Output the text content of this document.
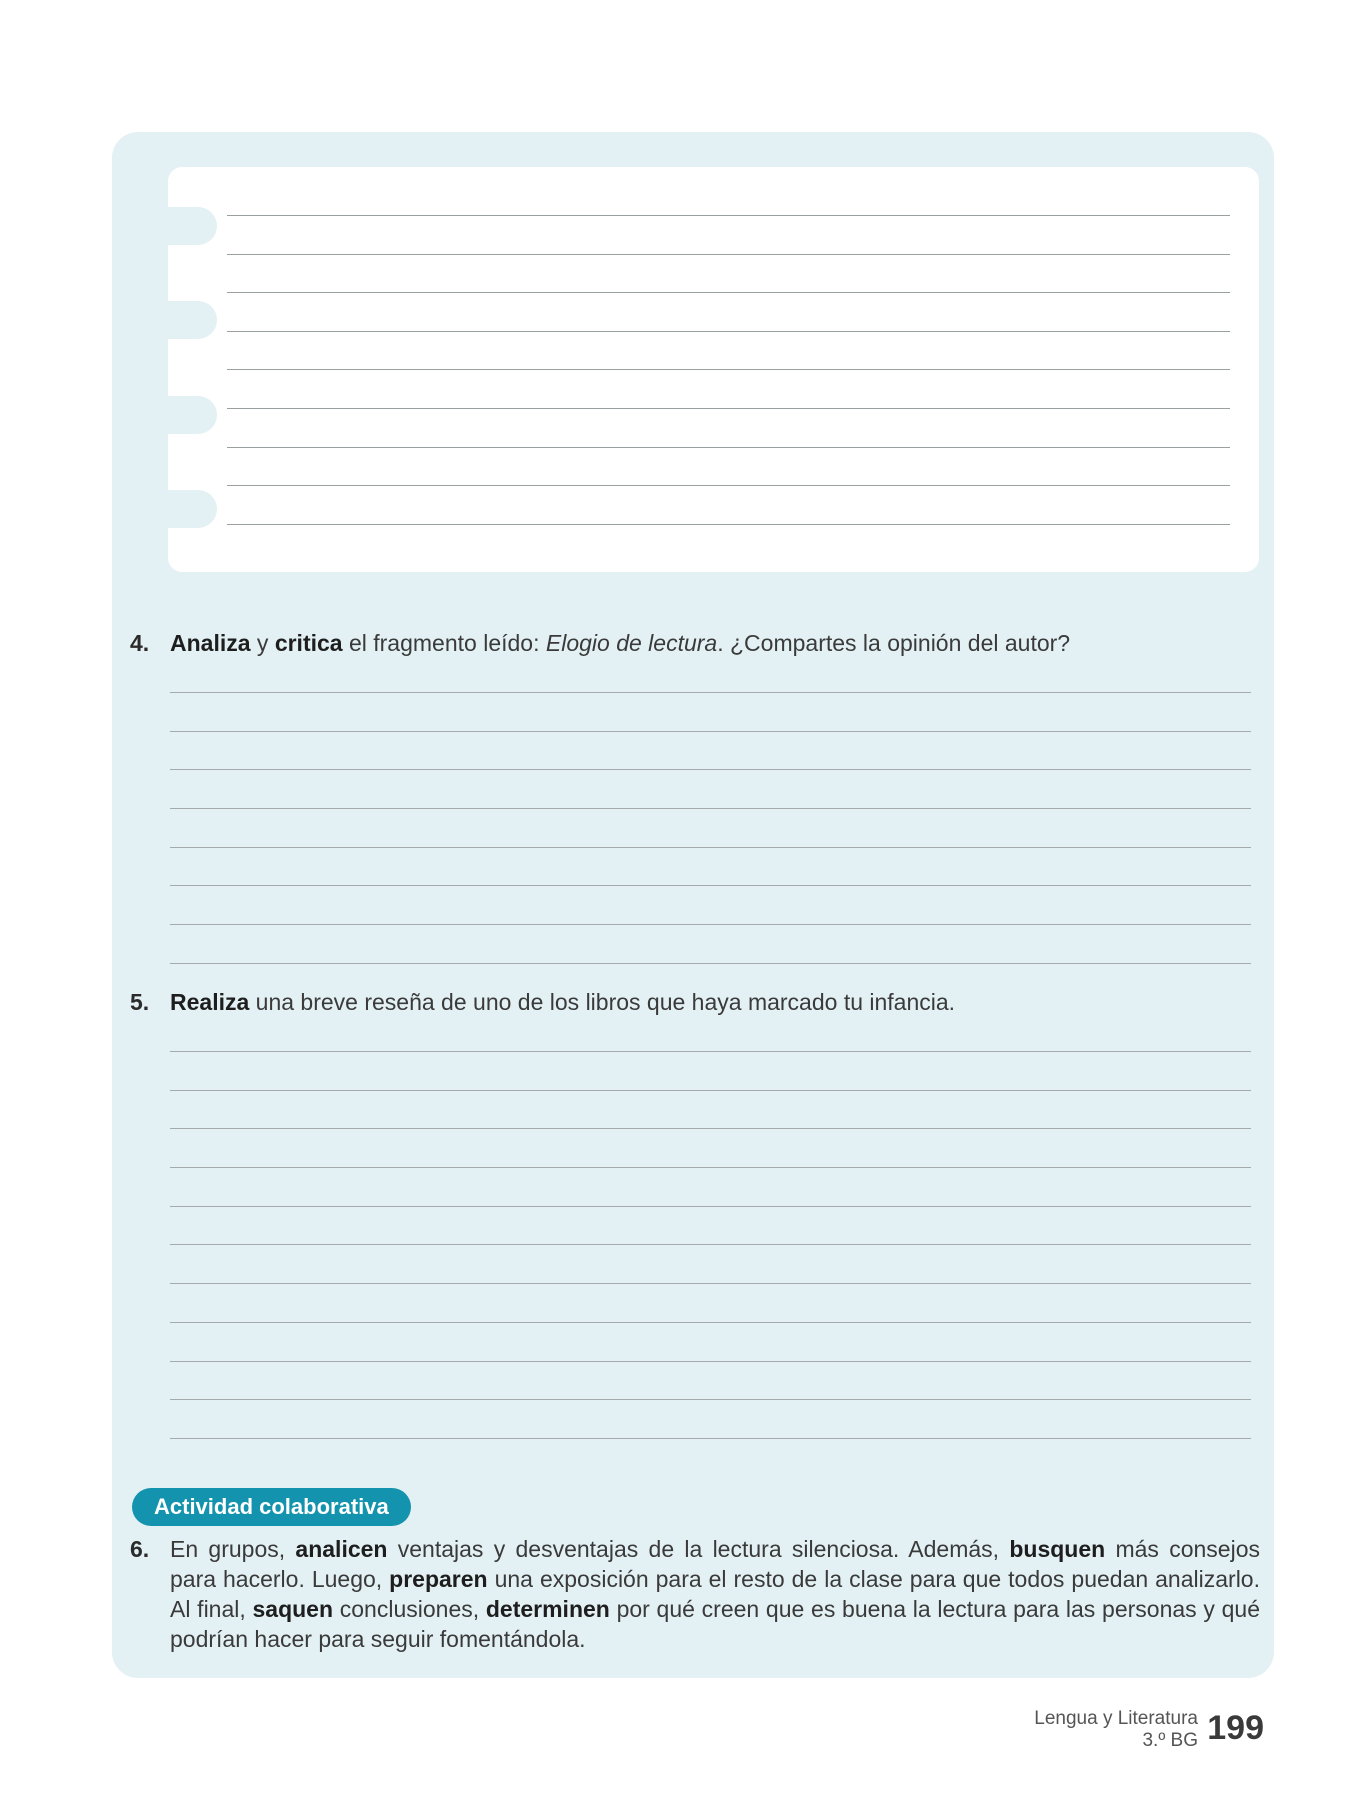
4. Analiza y critica el fragmento leído: Elogio de lectura. ¿Compartes la opinión del autor?
5. Realiza una breve reseña de uno de los libros que haya marcado tu infancia.
Actividad colaborativa
6. En grupos, analicen ventajas y desventajas de la lectura silenciosa. Además, busquen más consejos para hacerlo. Luego, preparen una exposición para el resto de la clase para que todos puedan analizarlo. Al final, saquen conclusiones, determinen por qué creen que es buena la lectura para las personas y qué podrían hacer para seguir fomentándola.
Lengua y Literatura
3.º BG 199
